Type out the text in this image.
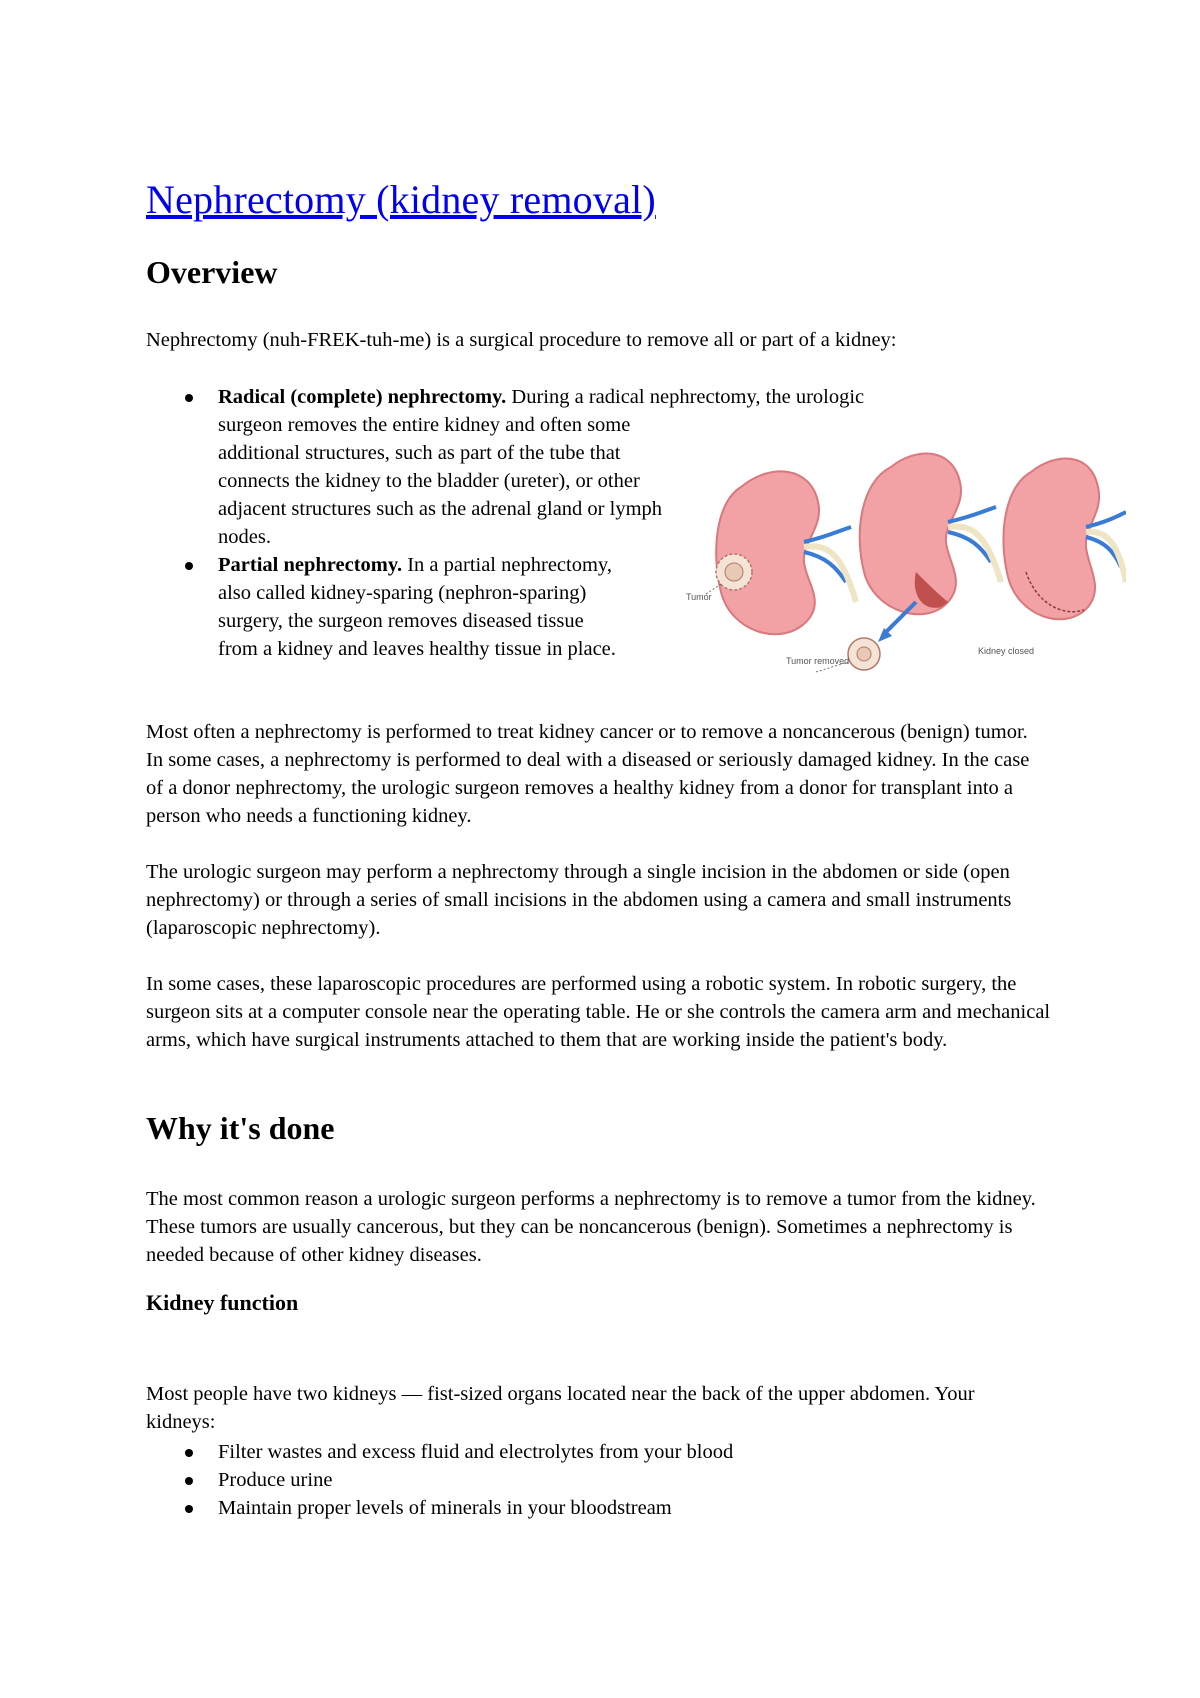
Nephrectomy (kidney removal)
Overview

Nephrectomy (nuh-FREK-tuh-me) is a surgical procedure to remove all or part of a kidney:

Radical (complete) nephrectomy. During a radical nephrectomy, the urologic
surgeon removes the entire kidney and often some additional structures, such as part of the tube that connects the kidney to the bladder (ureter), or other adjacent structures such as the adrenal gland or lymph nodes.
Partial nephrectomy. In a partial nephrectomy, also called kidney-sparing (nephron-sparing) surgery, the surgeon removes diseased tissue from a kidney and leaves healthy tissue in place.
Tumor
Tumor removed
Kidney closed

Most often a nephrectomy is performed to treat kidney cancer or to remove a noncancerous (benign) tumor. In some cases, a nephrectomy is performed to deal with a diseased or seriously damaged kidney. In the case of a donor nephrectomy, the urologic surgeon removes a healthy kidney from a donor for transplant into a person who needs a functioning kidney.

The urologic surgeon may perform a nephrectomy through a single incision in the abdomen or side (open nephrectomy) or through a series of small incisions in the abdomen using a camera and small instruments (laparoscopic nephrectomy).

In some cases, these laparoscopic procedures are performed using a robotic system. In robotic surgery, the surgeon sits at a computer console near the operating table. He or she controls the camera arm and mechanical arms, which have surgical instruments attached to them that are working inside the patient's body.

Why it's done

The most common reason a urologic surgeon performs a nephrectomy is to remove a tumor from the kidney. These tumors are usually cancerous, but they can be noncancerous (benign). Sometimes a nephrectomy is needed because of other kidney diseases.

Kidney function

Most people have two kidneys — fist-sized organs located near the back of the upper abdomen. Your kidneys:

Filter wastes and excess fluid and electrolytes from your blood
Produce urine
Maintain proper levels of minerals in your bloodstream
